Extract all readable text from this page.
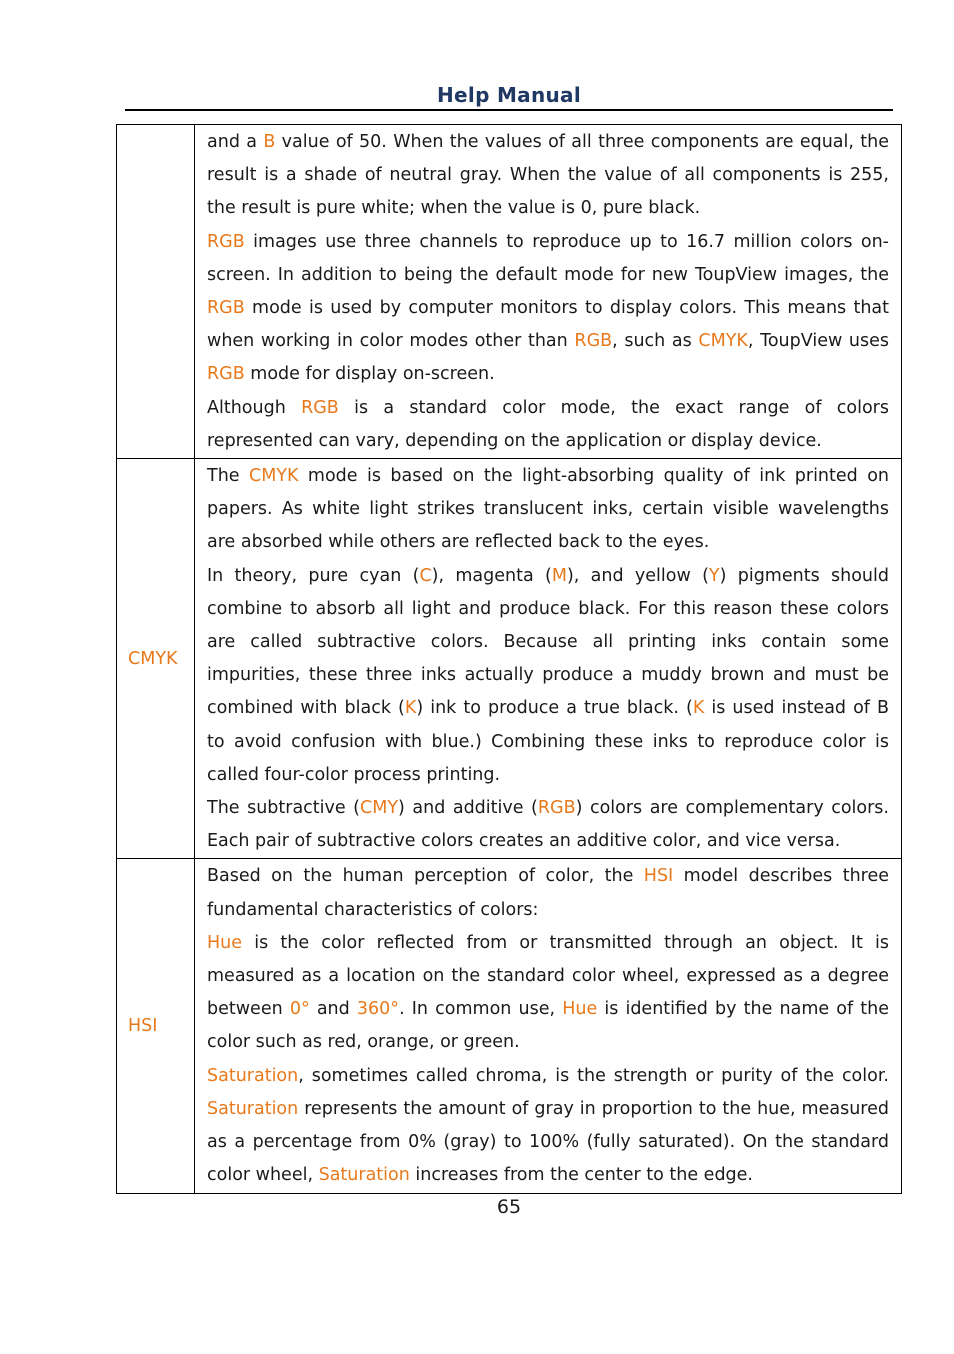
Help Manual

	and a B value of 50. When the values of all three components are equal, the result is a shade of neutral gray. When the value of all components is 255, the result is pure white; when the value is 0, pure black.

RGB images use three channels to reproduce up to 16.7 million colors on-screen. In addition to being the default mode for new ToupView images, the RGB mode is used by computer monitors to display colors. This means that when working in color modes other than RGB, such as CMYK, ToupView uses RGB mode for display on-screen.

Although RGB is a standard color mode, the exact range of colors represented can vary, depending on the application or display device.

CMYK	The CMYK mode is based on the light-absorbing quality of ink printed on papers. As white light strikes translucent inks, certain visible wavelengths are absorbed while others are reflected back to the eyes.

In theory, pure cyan (C), magenta (M), and yellow (Y) pigments should combine to absorb all light and produce black. For this reason these colors are called subtractive colors. Because all printing inks contain some impurities, these three inks actually produce a muddy brown and must be combined with black (K) ink to produce a true black. (K is used instead of B to avoid confusion with blue.) Combining these inks to reproduce color is called four-color process printing.

The subtractive (CMY) and additive (RGB) colors are complementary colors. Each pair of subtractive colors creates an additive color, and vice versa.

HSI	Based on the human perception of color, the HSI model describes three fundamental characteristics of colors:

Hue is the color reflected from or transmitted through an object. It is measured as a location on the standard color wheel, expressed as a degree between 0° and 360°. In common use, Hue is identified by the name of the color such as red, orange, or green.

Saturation, sometimes called chroma, is the strength or purity of the color. Saturation represents the amount of gray in proportion to the hue, measured as a percentage from 0% (gray) to 100% (fully saturated). On the standard color wheel, Saturation increases from the center to the edge.

65
